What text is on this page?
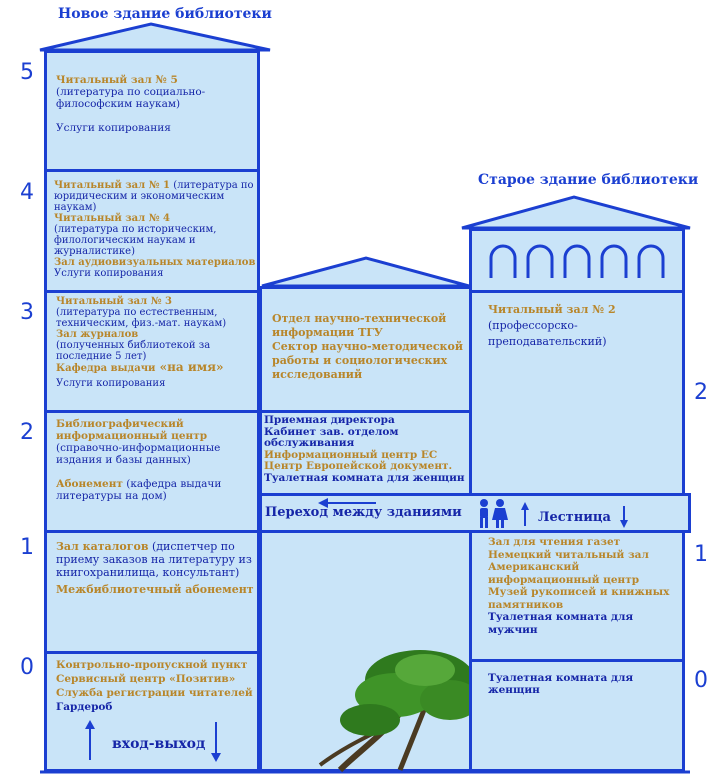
Новое здание библиотеки
Старое здание библиотеки
5 Читальный зал № 5
(литература по социально-философским наукам)

Услуги копирования
4 Читальный зал № 1 (литература по юридическим и экономическим наукам)
Читальный зал № 4
(литература по историческим, филологическим наукам и журналистике)
Зал аудиовизуальных материалов
Услуги копирования
3 Читальный зал № 3
(литература по естественным, техническим, физ.-мат. наукам)
Зал журналов
(полученных библиотекой за последние 5 лет)
Кафедра выдачи «на имя»
Услуги копирования
2 Библиографический информационный центр
(справочно-информационные издания и базы данных)

Абонемент (кафедра выдачи литературы на дом)
1 Зал каталогов (диспетчер по приему заказов на литературу из книгохранилища, консультант)
Межбиблиотечный абонемент
0 Контрольно-пропускной пункт
Сервисный центр «Позитив»
Служба регистрации читателей
Гардероб
вход-выход
Отдел научно-технической информации ТГУ
Сектор научно-методической работы и социологических исследований
Приемная директора
Кабинет зав. отделом обслуживания
Информационный центр ЕС
Центр Европейской документ.
Туалетная комната для женщин
Переход между зданиями
2
Читальный зал № 2
(профессорско-преподавательский)
Лестница
1
Зал для чтения газет
Немецкий читальный зал
Американский информационный центр
Музей рукописей и книжных памятников
Туалетная комната для мужчин
0
Туалетная комната для женщин
